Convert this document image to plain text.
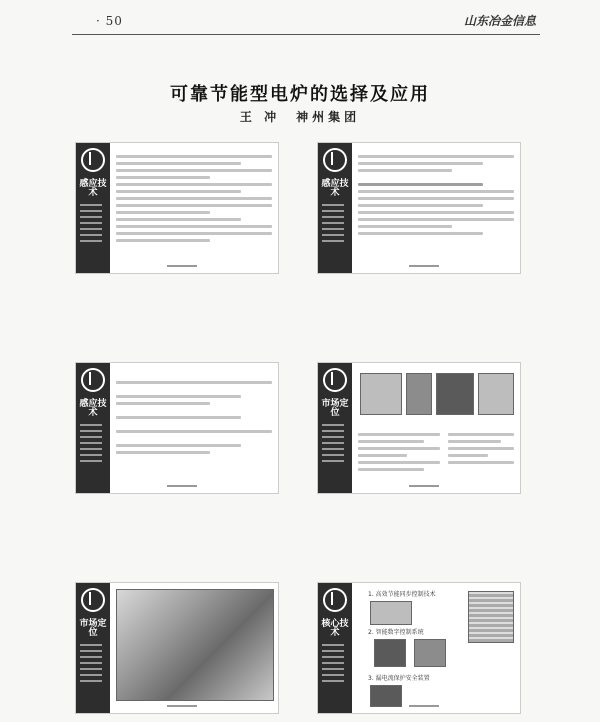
· 50	山东冶金信息
可靠节能型电炉的选择及应用
王 冲　神州集团
感应技术
感应技术
感应技术
市场定位
市场定位
核心技术
1. 高效节能同步控制技术
2. 智能数字控制系统
3. 漏电流保护安全装置
